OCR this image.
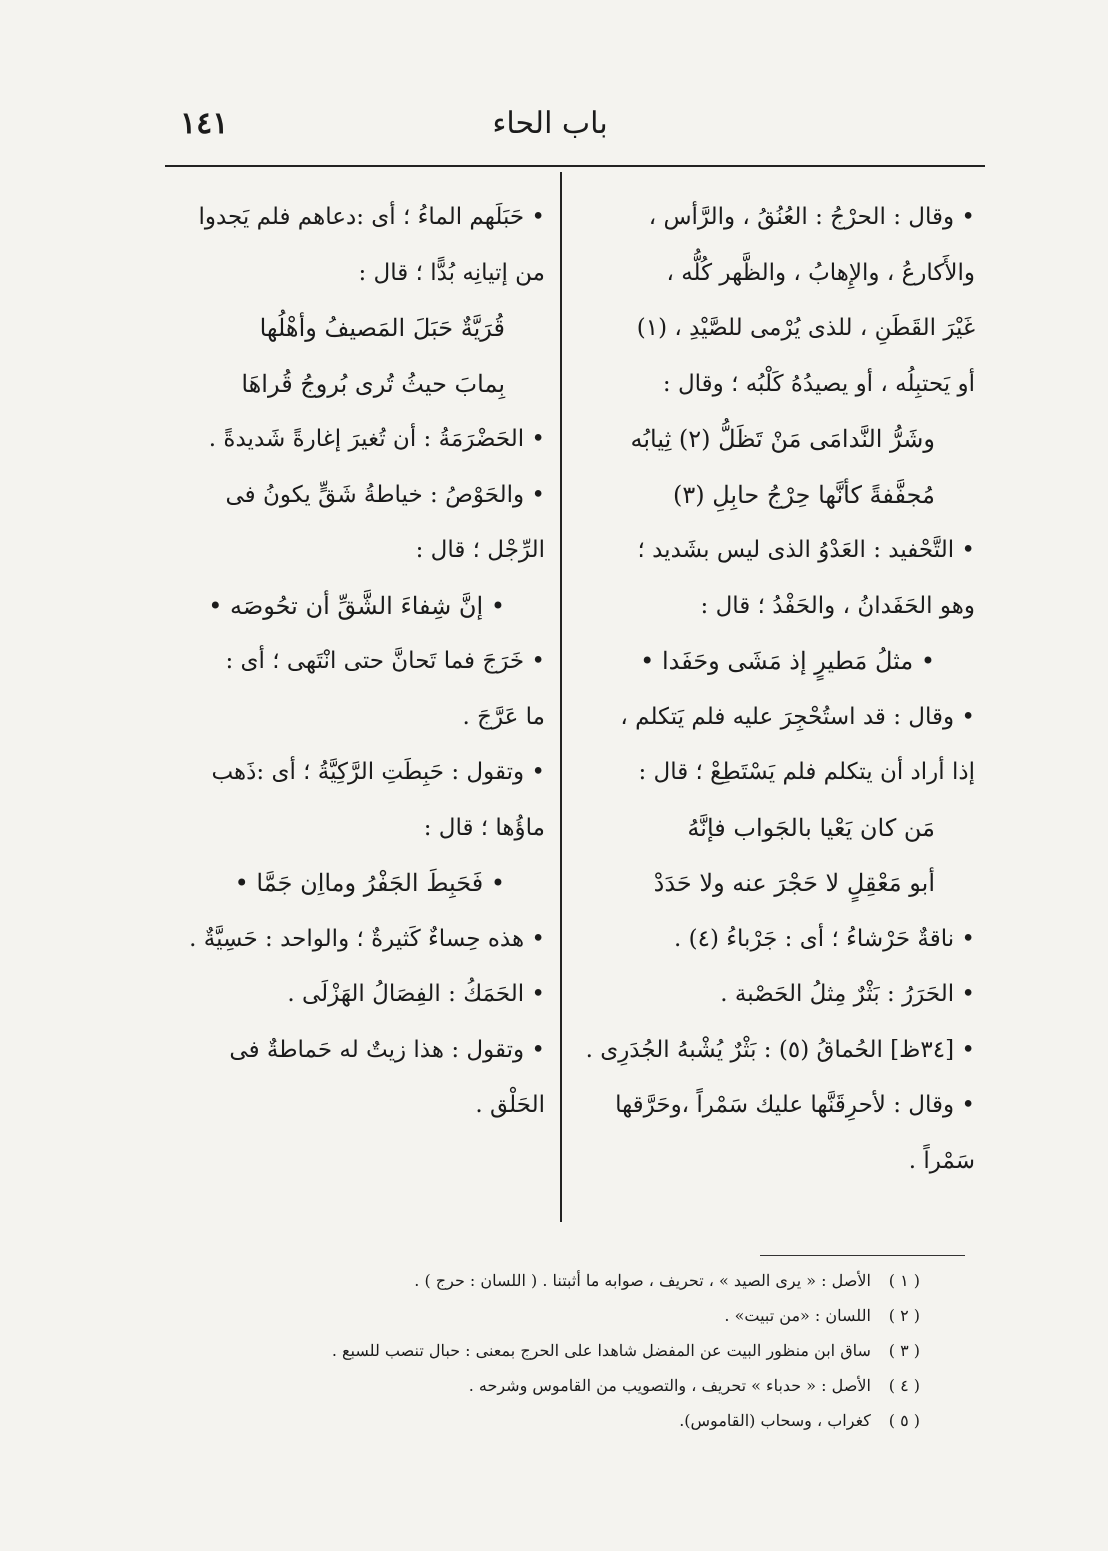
باب الحاء
١٤١
• وقال : الحرْجُ : العُنُقُ ، والرَّأس ،
والأَكارعُ ، والإِهابُ ، والظَّهر كُلُّه ،
غَيْرَ القَطَنِ ، للذى يُرْمى للصَّيْدِ ، (١)
أو يَحتبِلُه ، أو يصيدُهُ كَلْبُه ؛ وقال :
وشَرُّ النَّدامَى مَنْ تَظَلُّ (٢) ثِيابُه
مُجفَّفةً كأنَّها حِرْجُ حابِلِ (٣)
• التَّحْفيد : العَدْوُ الذى ليس بشَديد ؛
وهو الحَفَدانُ ، والحَفْدُ ؛ قال :
• مثلُ مَطيرٍ إذ مَشَى وحَفَدا •
• وقال : قد استُحْجِرَ عليه فلم يَتكلم ،
إذا أراد أن يتكلم فلم يَسْتَطِعْ ؛ قال :
مَن كان يَعْيا بالجَواب فإنَّهُ
أبو مَعْقِلٍ لا حَجْرَ عنه ولا حَدَدْ
• ناقةٌ حَرْشاءُ ؛ أى : جَرْباءُ (٤) .
• الحَرَرُ : بَثْرٌ مِثلُ الحَصْبة .
• [٣٤ظ] الحُماقُ (٥) : بَثْرٌ يُشْبهُ الجُدَرِى .
• وقال : لأحرِقَنَّها عليك سَمْراً ،وحَرَّقها
سَمْراً .
• حَبَلَهم الماءُ ؛ أى :دعاهم فلم يَجدوا
من إتيانِه بُدًّا ؛ قال :
قُرَيَّةٌ حَبَلَ المَصيفُ وأهْلُها
بِمابَ حيثُ تُرى بُروجُ قُراهَا
• الحَضْرَمَةُ : أن تُغيرَ إغارةً شَديدةً .
• والحَوْصُ : خياطةُ شَقٍّ يكونُ فى
الرِّجْل ؛ قال :
• إنَّ شِفاءَ الشَّقِّ أن تحُوصَه •
• خَرَجَ فما تَحانَّ حتى انْتَهى ؛ أى :
ما عَرَّجَ .
• وتقول : حَبِطَتِ الرَّكِيَّةُ ؛ أى :ذَهب
ماؤُها ؛ قال :
• فَحَبِطَ الجَفْرُ ومااِن جَمَّا •
• هذه حِساءٌ كَثيرةٌ ؛ والواحد : حَسِيَّةٌ .
• الحَمَكُ : الفِصَالُ الهَزْلَى .
• وتقول : هذا زيتٌ له حَماطةٌ فى
الحَلْق .
( ١ ) الأصل : « يرى الصيد » ، تحريف ، صوابه ما أثبتنا . ( اللسان : حرج ) .
( ٢ ) اللسان : «من تبيت» .
( ٣ ) ساق ابن منظور البيت عن المفضل شاهدا على الحرج بمعنى : حبال تنصب للسبع .
( ٤ ) الأصل : « حدباء » تحريف ، والتصويب من القاموس وشرحه .
( ٥ ) كغراب ، وسحاب (القاموس).
